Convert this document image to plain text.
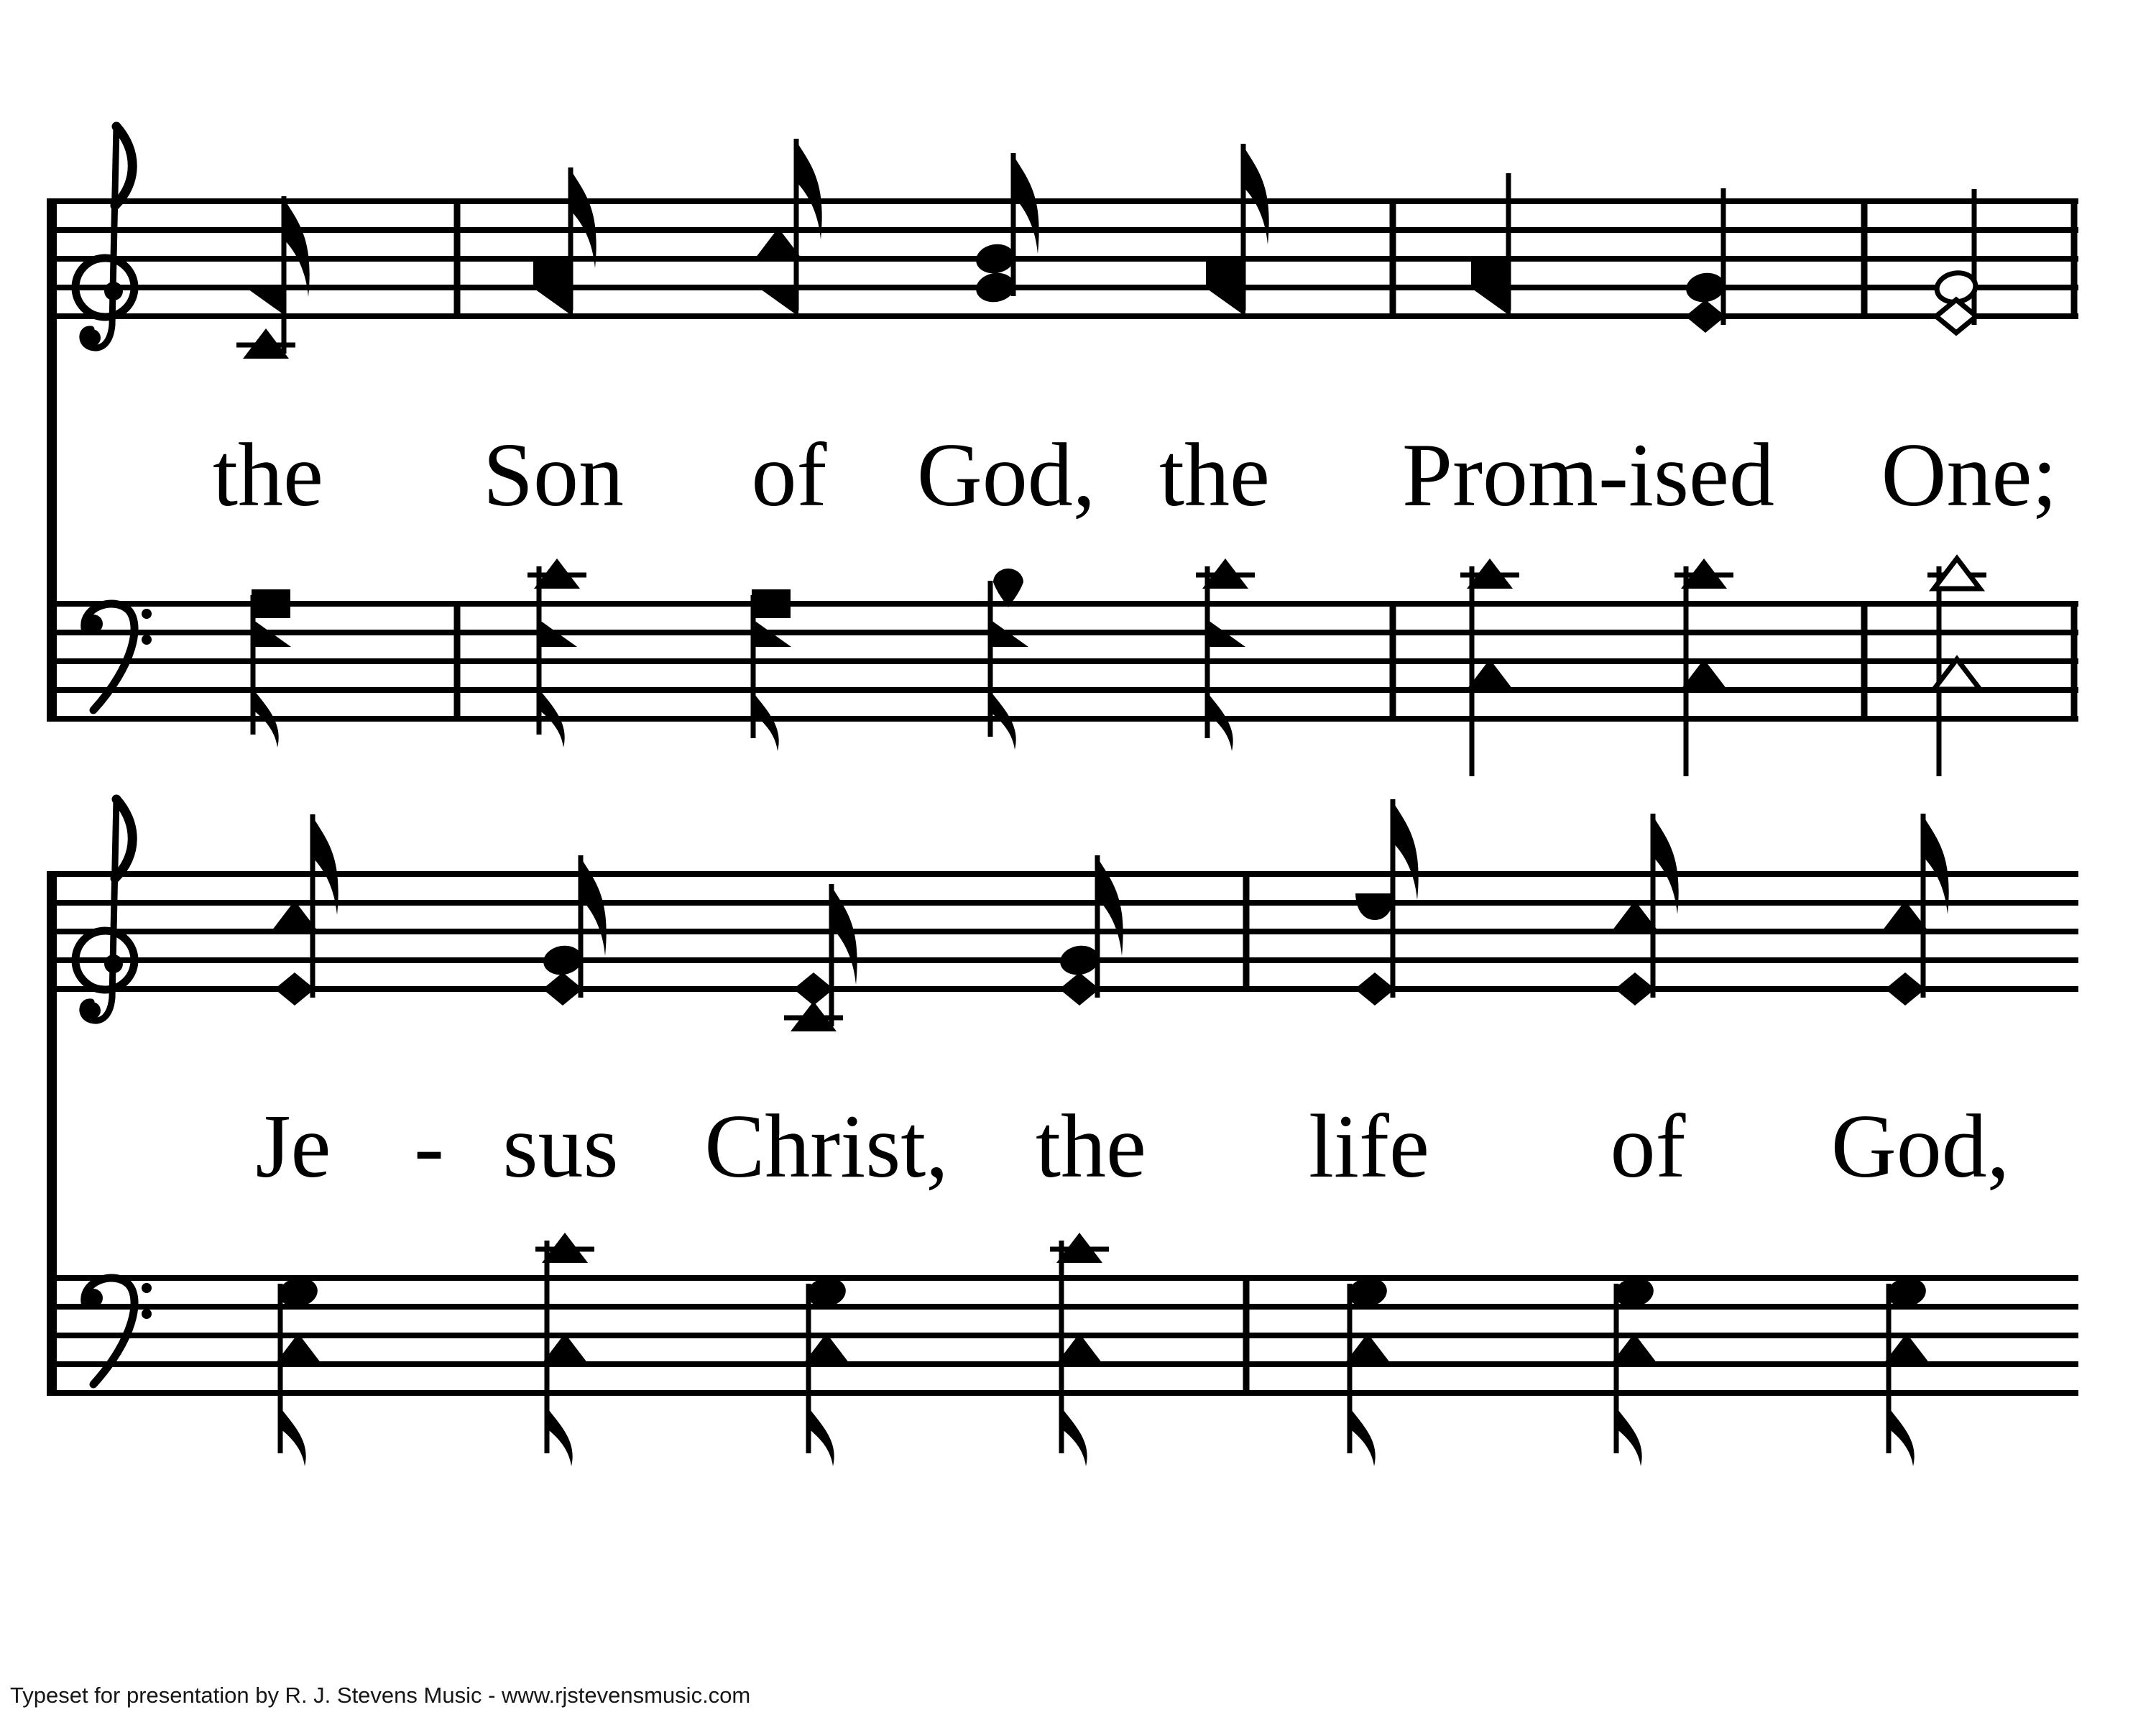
the Son of God, the Prom-ised One;
Je - sus Christ, the life of God,
Typeset for presentation by R. J. Stevens Music - www.rjstevensmusic.com
